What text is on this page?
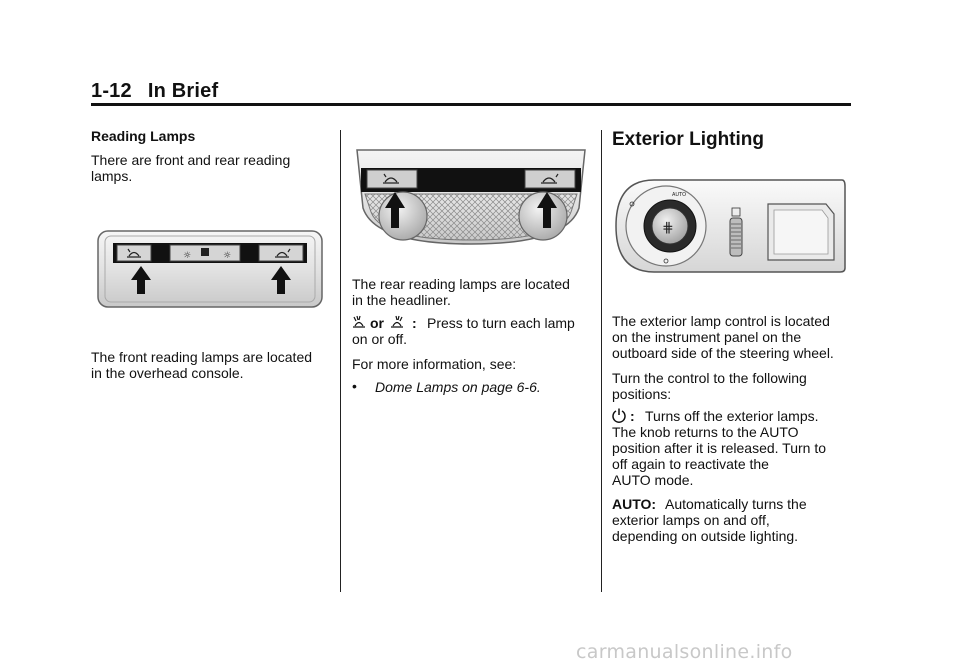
1-12 In Brief
Reading Lamps
There are front and rear reading
lamps.
☼	☼
The front reading lamps are located
in the overhead console.
The rear reading lamps are located
in the headliner.
or : Press to turn each lamp
on or off.
For more information, see:
• Dome Lamps on page 6-6.
Exterior Lighting
⋕
AUTO
The exterior lamp control is located
on the instrument panel on the
outboard side of the steering wheel.
Turn the control to the following
positions:
: Turns off the exterior lamps.
The knob returns to the AUTO
position after it is released. Turn to
off again to reactivate the
AUTO mode.
AUTO: Automatically turns the
exterior lamps on and off,
depending on outside lighting.
carmanualsonline.info
